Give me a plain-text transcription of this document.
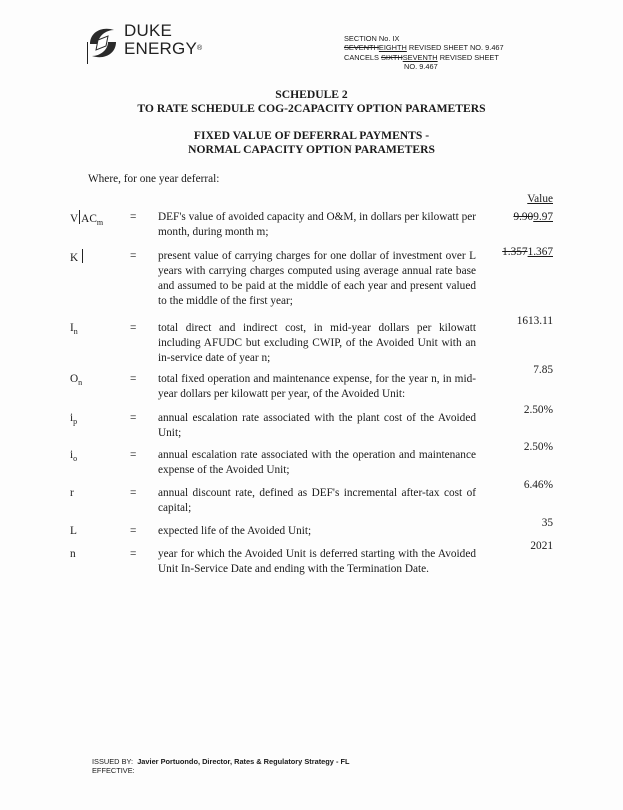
DUKE
ENERGY®
SECTION No. IX
SEVENTHEIGHTH REVISED SHEET NO. 9.467
CANCELS SIXTHSEVENTH REVISED SHEET
NO. 9.467
SCHEDULE 2
TO RATE SCHEDULE COG-2CAPACITY OPTION PARAMETERS
FIXED VALUE OF DEFERRAL PAYMENTS -
NORMAL CAPACITY OPTION PARAMETERS
Where, for one year deferral:
Value
V $AC_m = DEF's$ value of avoided capacity and O&M, in dollars per kilowatt per month, during month m;
9.909.97
K	= present value of carrying charges for one dollar of investment over L years with carrying charges computed using average annual rate base and assumed to be paid at the middle of each year and present valued to the middle of the first year;
1.3571.367
$I_n$	= total direct and indirect cost, in mid-year dollars per kilowatt including AFUDC but excluding CWIP, of the Avoided Unit with an in-service date of year n;
1613.11
$O_n$	= total fixed operation and maintenance expense, for the year n, in mid-year dollars per kilowatt per year, of the Avoided Unit:
7.85
$i_p$	= annual escalation rate associated with the plant cost of the Avoided Unit;
2.50%
$i_o$	= annual escalation rate associated with the operation and maintenance expense of the Avoided Unit;
2.50%
r	= annual discount rate, defined as DEF's incremental after-tax cost of capital;
6.46%
L	= expected life of the Avoided Unit;
35
n	= year for which the Avoided Unit is deferred starting with the Avoided Unit In-Service Date and ending with the Termination Date.
2021
ISSUED BY: Javier Portuondo, Director, Rates & Regulatory Strategy - FL
EFFECTIVE:
